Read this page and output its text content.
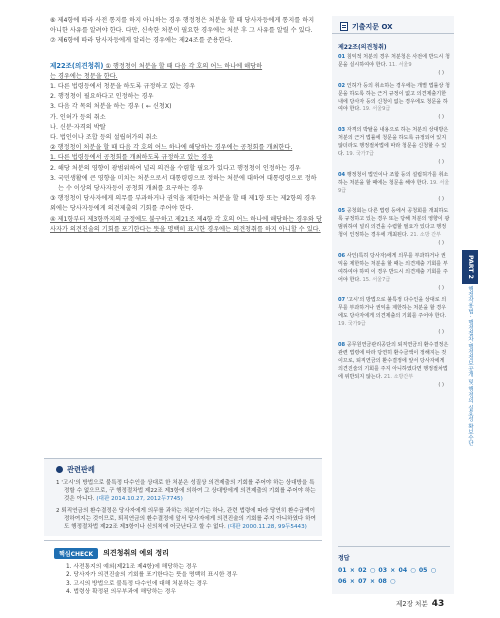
⑥ 제4항에 따라 사전 통지를 하지 아니하는 경우 행정청은 처분을 할 때 당사자등에게 통지를 하지 아니한 사유를 알려야 한다. 다만, 신속한 처분이 필요한 경우에는 처분 후 그 사유를 알릴 수 있다.

⑦ 제6항에 따라 당사자등에게 알리는 경우에는 제24조를 준용한다.

제22조(의견청취) ① 행정청이 처분을 할 때 다음 각 호의 어느 하나에 해당하

는 경우에는 청문을 한다.

1. 다른 법령등에서 청문을 하도록 규정하고 있는 경우
2. 행정청이 필요하다고 인정하는 경우
3. 다음 각 목의 처분을 하는 경우 ( ← 신청X)
가. 인허가 등의 취소
나. 신분·자격의 박탈
다. 법인이나 조합 등의 설립허가의 취소

② 행정청이 처분을 할 때 다음 각 호의 어느 하나에 해당하는 경우에는 공청회를 개최한다.

1. 다른 법령등에서 공청회를 개최하도록 규정하고 있는 경우
2. 해당 처분의 영향이 광범위하여 널리 의견을 수렴할 필요가 있다고 행정청이 인정하는 경우
3. 국민생활에 큰 영향을 미치는 처분으로서 대통령령으로 정하는 처분에 대하여 대통령령으로 정하는 수 이상의 당사자등이 공청회 개최를 요구하는 경우

③ 행정청이 당사자에게 의무를 부과하거나 권익을 제한하는 처분을 할 때 제1항 또는 제2항의 경우 외에는 당사자등에게 의견제출의 기회를 주어야 한다.

④ 제1항부터 제3항까지의 규정에도 불구하고 제21조 제4항 각 호의 어느 하나에 해당하는 경우와 당사자가 의견진술의 기회를 포기한다는 뜻을 명백히 표시한 경우에는 의견청취를 하지 아니할 수 있다.

관련판례
1 '고시'의 방법으로 불특정 다수인을 상대로 한 처분은 성질상 의견제출의 기회를 주어야 하는 상대방을 특정할 수 없으므로, 구 행정절차법 제22조 제3항에 의하여 그 상대방에게 의견제출의 기회를 주어야 하는 것은 아니다. (대판 2014.10.27, 2012두7745)
2 퇴직연금의 환수결정은 당사자에게 의무를 과하는 처분이기는 하나, 관련 법령에 따라 당연히 환수금액이 정하여지는 것이므로, 퇴직연금의 환수결정에 앞서 당사자에게 의견진술의 기회를 주지 아니하였다 하여도 행정절차법 제22조 제3항이나 신의칙에 어긋난다고 할 수 없다. (대판 2000.11.28, 99두5443)
핵심CHECK	의견청취의 예외 정리
1. 사전통지의 예외(제21조 제4항)에 해당하는 경우
2. 당사자가 의견진술의 기회를 포기한다는 뜻을 명백히 표시한 경우
3. 고시의 방법으로 불특정 다수인에 대해 처분하는 경우
4. 법령상 확정된 의무부과에 해당하는 경우
기출지문 OX
제22조(의견청취)
01 침익적 처분의 경우 처분청은 사전에 반드시 청문을 실시하여야 한다. 11. 서울9
( )
02 인허가 등의 취소하는 경우에는 개별 법률상 청문을 하도록 하는 근거 규정이 없고 의견제출기한 내에 당사자 등의 신청이 없는 경우에도 청문을 하여야 한다. 19. 서울9급
( )
03 자격의 박탈을 내용으로 하는 처분의 상대방은 처분의 근거 법률에 청문을 하도록 규정되어 있지 않더라도 행정절차법에 따라 청문을 신청할 수 있다. 19. 국가7급
( )
04 행정청이 법인이나 조합 등의 설립허가를 취소하는 처분을 할 때에는 청문을 해야 한다. 19. 서울9급
( )
05 공청회는 다른 법령 등에서 공청회를 개최하도록 규정하고 있는 경우 또는 당해 처분의 영향이 광범위하여 널리 의견을 수렴할 필요가 있다고 행정청이 인정하는 경우에 개최된다. 21. 소방 간부
( )
06 사인(특히 당사자)에게 의무를 부과하거나 권익을 제한하는 처분을 할 때는 의견제출 기회를 부여하여야 하며 이 경우 반드시 의견제출 기회를 주어야 한다. 15. 서울7급
( )
07 '고시'의 방법으로 불특정 다수인을 상대로 의무를 부과하거나 권익을 제한하는 처분을 할 경우에도 당사자에게 의견제출의 기회를 주어야 한다. 19. 국가9급
( )
08 공무원연금관리공단의 퇴직연금의 환수결정은 관련 법령에 따라 당연히 환수금액이 정해지는 것이므로, 퇴직연금의 환수결정에 앞서 당사자에게 의견진술의 기회를 주지 아니하였다면 행정절차법에 위반되지 않는다. 21. 소방간부
( )
정답
01 × 02 ○ 03 × 04 ○ 05 ○
06 × 07 × 08 ○
PART 2
행정작용법 · 행정절차·행정정보공개 및 행정의 실효성 확보수단
제2장 처분 43
